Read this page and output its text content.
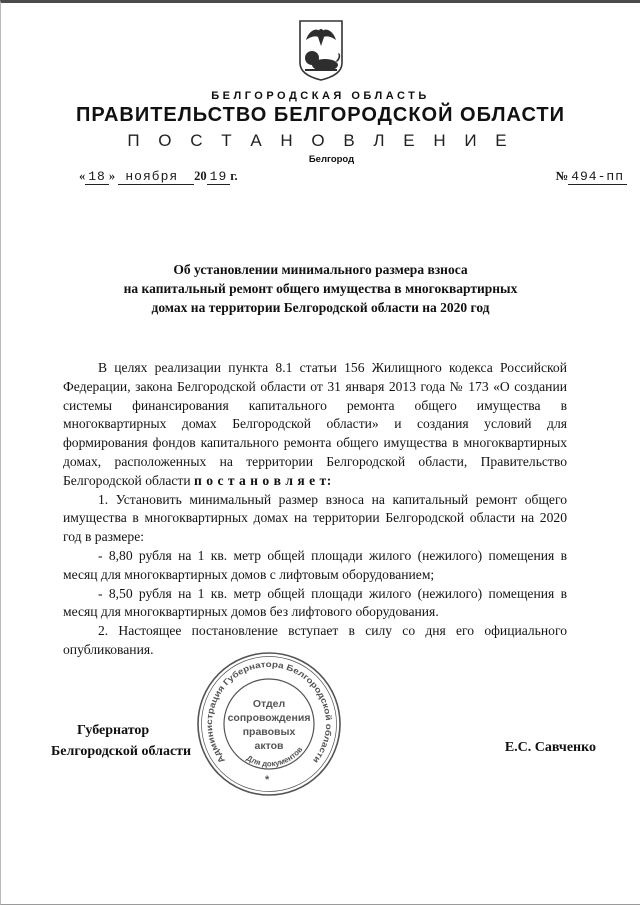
БЕЛГОРОДСКАЯ ОБЛАСТЬ
ПРАВИТЕЛЬСТВО БЕЛГОРОДСКОЙ ОБЛАСТИ
П О С Т А Н О В Л Е Н И Е
Белгород
« 18 » ноября 20 19 г.	№ 494-пп
Об установлении минимального размера взноса
на капитальный ремонт общего имущества в многоквартирных
домах на территории Белгородской области на 2020 год

В целях реализации пункта 8.1 статьи 156 Жилищного кодекса Российской Федерации, закона Белгородской области от 31 января 2013 года № 173 «О создании системы финансирования капитального ремонта общего имущества в многоквартирных домах Белгородской области» и создания условий для формирования фондов капитального ремонта общего имущества в многоквартирных домах, расположенных на территории Белгородской области, Правительство Белгородской области п о с т а н о в л я е т:

1. Установить минимальный размер взноса на капитальный ремонт общего имущества в многоквартирных домах на территории Белгородской области на 2020 год в размере:

- 8,80 рубля на 1 кв. метр общей площади жилого (нежилого) помещения в месяц для многоквартирных домов с лифтовым оборудованием;

- 8,50 рубля на 1 кв. метр общей площади жилого (нежилого) помещения в месяц для многоквартирных домов без лифтового оборудования.

2. Настоящее постановление вступает в силу со дня его официального опубликования.

Губернатор
Белгородской области	Е.С. Савченко
Администрация Губернатора Белгородской области
Для документов
*
Отдел
сопровождения
правовых
актов
